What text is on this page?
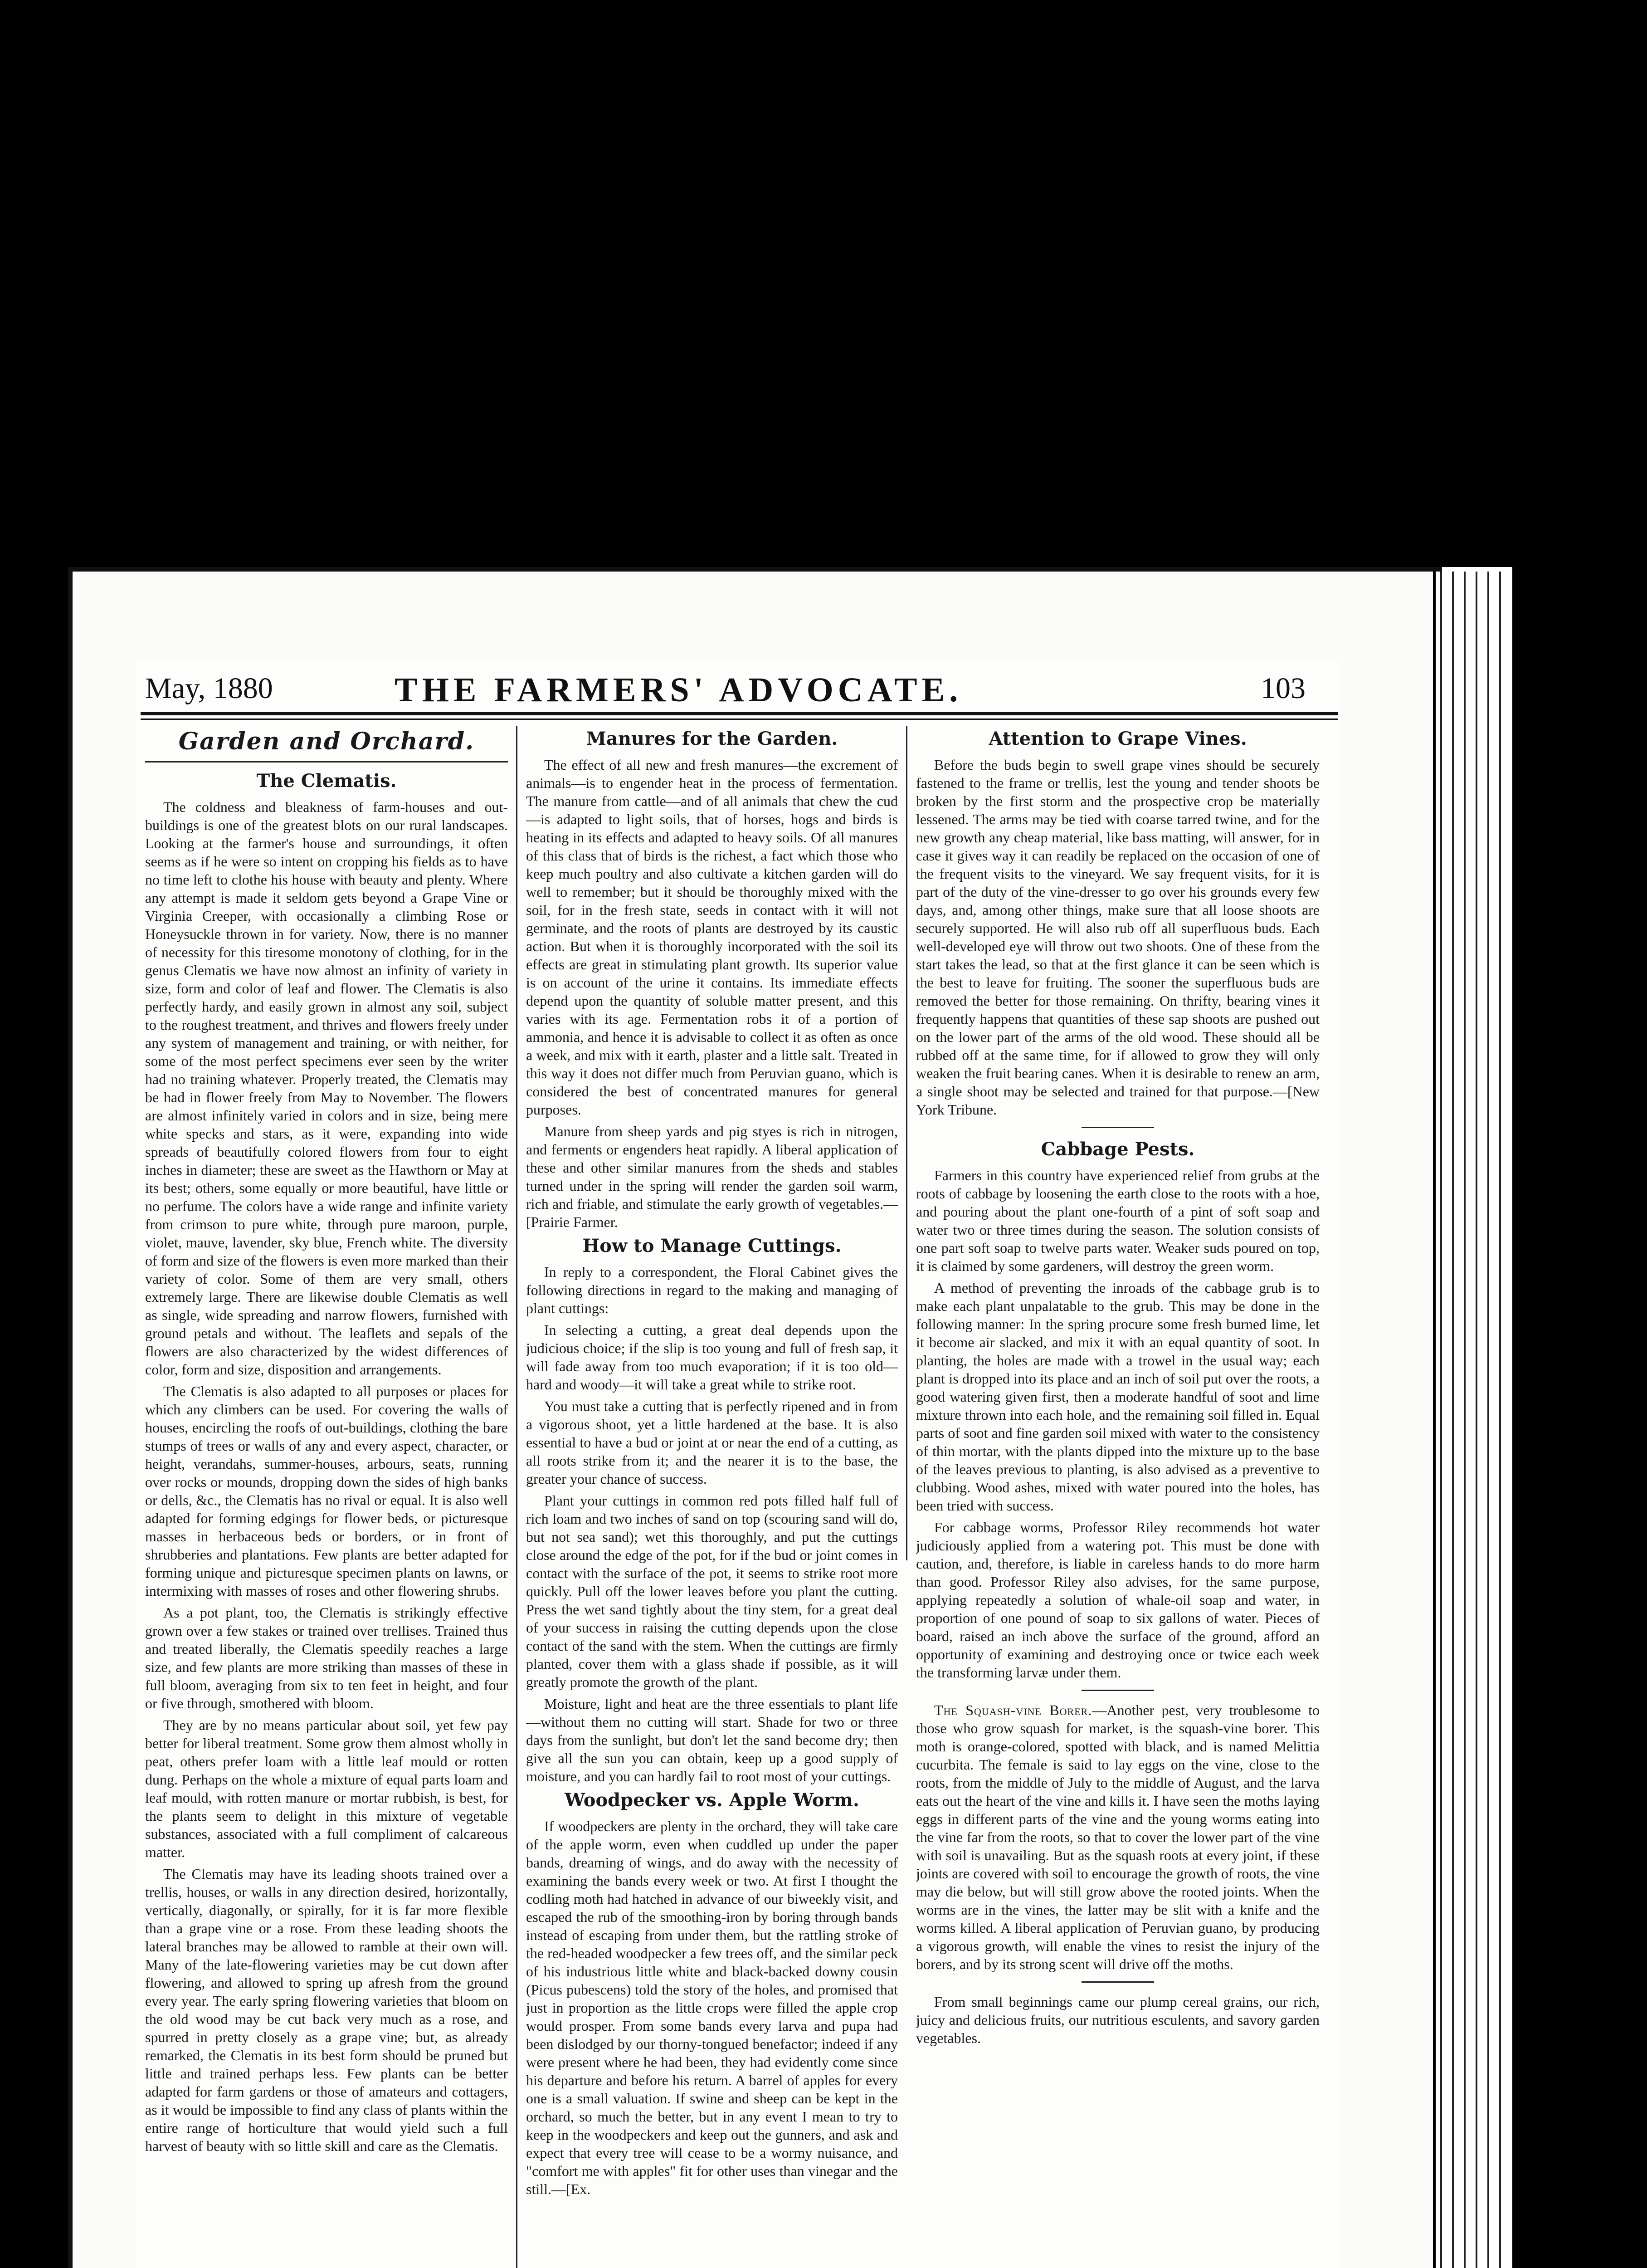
May, 1880	THE FARMERS' ADVOCATE.	103
Garden and Orchard.
The Clematis.

The coldness and bleakness of farm-houses and out-buildings is one of the greatest blots on our rural landscapes. Looking at the farmer's house and surroundings, it often seems as if he were so intent on cropping his fields as to have no time left to clothe his house with beauty and plenty. Where any attempt is made it seldom gets beyond a Grape Vine or Virginia Creeper, with occasionally a climbing Rose or Honeysuckle thrown in for variety. Now, there is no manner of necessity for this tiresome monotony of clothing, for in the genus Clematis we have now almost an infinity of variety in size, form and color of leaf and flower. The Clematis is also perfectly hardy, and easily grown in almost any soil, subject to the roughest treatment, and thrives and flowers freely under any system of management and training, or with neither, for some of the most perfect specimens ever seen by the writer had no training whatever. Properly treated, the Clematis may be had in flower freely from May to November. The flowers are almost infinitely varied in colors and in size, being mere white specks and stars, as it were, expanding into wide spreads of beautifully colored flowers from four to eight inches in diameter; these are sweet as the Hawthorn or May at its best; others, some equally or more beautiful, have little or no perfume. The colors have a wide range and infinite variety from crimson to pure white, through pure maroon, purple, violet, mauve, lavender, sky blue, French white. The diversity of form and size of the flowers is even more marked than their variety of color. Some of them are very small, others extremely large. There are likewise double Clematis as well as single, wide spreading and narrow flowers, furnished with ground petals and without. The leaflets and sepals of the flowers are also characterized by the widest differences of color, form and size, disposition and arrangements.

The Clematis is also adapted to all purposes or places for which any climbers can be used. For covering the walls of houses, encircling the roofs of out-buildings, clothing the bare stumps of trees or walls of any and every aspect, character, or height, verandahs, summer-houses, arbours, seats, running over rocks or mounds, dropping down the sides of high banks or dells, &c., the Clematis has no rival or equal. It is also well adapted for forming edgings for flower beds, or picturesque masses in herbaceous beds or borders, or in front of shrubberies and plantations. Few plants are better adapted for forming unique and picturesque specimen plants on lawns, or intermixing with masses of roses and other flowering shrubs.

As a pot plant, too, the Clematis is strikingly effective grown over a few stakes or trained over trellises. Trained thus and treated liberally, the Clematis speedily reaches a large size, and few plants are more striking than masses of these in full bloom, averaging from six to ten feet in height, and four or five through, smothered with bloom.

They are by no means particular about soil, yet few pay better for liberal treatment. Some grow them almost wholly in peat, others prefer loam with a little leaf mould or rotten dung. Perhaps on the whole a mixture of equal parts loam and leaf mould, with rotten manure or mortar rubbish, is best, for the plants seem to delight in this mixture of vegetable substances, associated with a full compliment of calcareous matter.

The Clematis may have its leading shoots trained over a trellis, houses, or walls in any direction desired, horizontally, vertically, diagonally, or spirally, for it is far more flexible than a grape vine or a rose. From these leading shoots the lateral branches may be allowed to ramble at their own will. Many of the late-flowering varieties may be cut down after flowering, and allowed to spring up afresh from the ground every year. The early spring flowering varieties that bloom on the old wood may be cut back very much as a rose, and spurred in pretty closely as a grape vine; but, as already remarked, the Clematis in its best form should be pruned but little and trained perhaps less. Few plants can be better adapted for farm gardens or those of amateurs and cottagers, as it would be impossible to find any class of plants within the entire range of horticulture that would yield such a full harvest of beauty with so little skill and care as the Clematis.

Manures for the Garden.

The effect of all new and fresh manures—the excrement of animals—is to engender heat in the process of fermentation. The manure from cattle—and of all animals that chew the cud—is adapted to light soils, that of horses, hogs and birds is heating in its effects and adapted to heavy soils. Of all manures of this class that of birds is the richest, a fact which those who keep much poultry and also cultivate a kitchen garden will do well to remember; but it should be thoroughly mixed with the soil, for in the fresh state, seeds in contact with it will not germinate, and the roots of plants are destroyed by its caustic action. But when it is thoroughly incorporated with the soil its effects are great in stimulating plant growth. Its superior value is on account of the urine it contains. Its immediate effects depend upon the quantity of soluble matter present, and this varies with its age. Fermentation robs it of a portion of ammonia, and hence it is advisable to collect it as often as once a week, and mix with it earth, plaster and a little salt. Treated in this way it does not differ much from Peruvian guano, which is considered the best of concentrated manures for general purposes.

Manure from sheep yards and pig styes is rich in nitrogen, and ferments or engenders heat rapidly. A liberal application of these and other similar manures from the sheds and stables turned under in the spring will render the garden soil warm, rich and friable, and stimulate the early growth of vegetables.—[Prairie Farmer.

How to Manage Cuttings.

In reply to a correspondent, the Floral Cabinet gives the following directions in regard to the making and managing of plant cuttings:

In selecting a cutting, a great deal depends upon the judicious choice; if the slip is too young and full of fresh sap, it will fade away from too much evaporation; if it is too old—hard and woody—it will take a great while to strike root.

You must take a cutting that is perfectly ripened and in from a vigorous shoot, yet a little hardened at the base. It is also essential to have a bud or joint at or near the end of a cutting, as all roots strike from it; and the nearer it is to the base, the greater your chance of success.

Plant your cuttings in common red pots filled half full of rich loam and two inches of sand on top (scouring sand will do, but not sea sand); wet this thoroughly, and put the cuttings close around the edge of the pot, for if the bud or joint comes in contact with the surface of the pot, it seems to strike root more quickly. Pull off the lower leaves before you plant the cutting. Press the wet sand tightly about the tiny stem, for a great deal of your success in raising the cutting depends upon the close contact of the sand with the stem. When the cuttings are firmly planted, cover them with a glass shade if possible, as it will greatly promote the growth of the plant.

Moisture, light and heat are the three essentials to plant life—without them no cutting will start. Shade for two or three days from the sunlight, but don't let the sand become dry; then give all the sun you can obtain, keep up a good supply of moisture, and you can hardly fail to root most of your cuttings.

Woodpecker vs. Apple Worm.

If woodpeckers are plenty in the orchard, they will take care of the apple worm, even when cuddled up under the paper bands, dreaming of wings, and do away with the necessity of examining the bands every week or two. At first I thought the codling moth had hatched in advance of our biweekly visit, and escaped the rub of the smoothing-iron by boring through bands instead of escaping from under them, but the rattling stroke of the red-headed woodpecker a few trees off, and the similar peck of his industrious little white and black-backed downy cousin (Picus pubescens) told the story of the holes, and promised that just in proportion as the little crops were filled the apple crop would prosper. From some bands every larva and pupa had been dislodged by our thorny-tongued benefactor; indeed if any were present where he had been, they had evidently come since his departure and before his return. A barrel of apples for every one is a small valuation. If swine and sheep can be kept in the orchard, so much the better, but in any event I mean to try to keep in the woodpeckers and keep out the gunners, and ask and expect that every tree will cease to be a wormy nuisance, and "comfort me with apples" fit for other uses than vinegar and the still.—[Ex.

Attention to Grape Vines.

Before the buds begin to swell grape vines should be securely fastened to the frame or trellis, lest the young and tender shoots be broken by the first storm and the prospective crop be materially lessened. The arms may be tied with coarse tarred twine, and for the new growth any cheap material, like bass matting, will answer, for in case it gives way it can readily be replaced on the occasion of one of the frequent visits to the vineyard. We say frequent visits, for it is part of the duty of the vine-dresser to go over his grounds every few days, and, among other things, make sure that all loose shoots are securely supported. He will also rub off all superfluous buds. Each well-developed eye will throw out two shoots. One of these from the start takes the lead, so that at the first glance it can be seen which is the best to leave for fruiting. The sooner the superfluous buds are removed the better for those remaining. On thrifty, bearing vines it frequently happens that quantities of these sap shoots are pushed out on the lower part of the arms of the old wood. These should all be rubbed off at the same time, for if allowed to grow they will only weaken the fruit bearing canes. When it is desirable to renew an arm, a single shoot may be selected and trained for that purpose.—[New York Tribune.

Cabbage Pests.

Farmers in this country have experienced relief from grubs at the roots of cabbage by loosening the earth close to the roots with a hoe, and pouring about the plant one-fourth of a pint of soft soap and water two or three times during the season. The solution consists of one part soft soap to twelve parts water. Weaker suds poured on top, it is claimed by some gardeners, will destroy the green worm.

A method of preventing the inroads of the cabbage grub is to make each plant unpalatable to the grub. This may be done in the following manner: In the spring procure some fresh burned lime, let it become air slacked, and mix it with an equal quantity of soot. In planting, the holes are made with a trowel in the usual way; each plant is dropped into its place and an inch of soil put over the roots, a good watering given first, then a moderate handful of soot and lime mixture thrown into each hole, and the remaining soil filled in. Equal parts of soot and fine garden soil mixed with water to the consistency of thin mortar, with the plants dipped into the mixture up to the base of the leaves previous to planting, is also advised as a preventive to clubbing. Wood ashes, mixed with water poured into the holes, has been tried with success.

For cabbage worms, Professor Riley recommends hot water judiciously applied from a watering pot. This must be done with caution, and, therefore, is liable in careless hands to do more harm than good. Professor Riley also advises, for the same purpose, applying repeatedly a solution of whale-oil soap and water, in proportion of one pound of soap to six gallons of water. Pieces of board, raised an inch above the surface of the ground, afford an opportunity of examining and destroying once or twice each week the transforming larvæ under them.

The Squash-vine Borer.—Another pest, very troublesome to those who grow squash for market, is the squash-vine borer. This moth is orange-colored, spotted with black, and is named Melittia cucurbita. The female is said to lay eggs on the vine, close to the roots, from the middle of July to the middle of August, and the larva eats out the heart of the vine and kills it. I have seen the moths laying eggs in different parts of the vine and the young worms eating into the vine far from the roots, so that to cover the lower part of the vine with soil is unavailing. But as the squash roots at every joint, if these joints are covered with soil to encourage the growth of roots, the vine may die below, but will still grow above the rooted joints. When the worms are in the vines, the latter may be slit with a knife and the worms killed. A liberal application of Peruvian guano, by producing a vigorous growth, will enable the vines to resist the injury of the borers, and by its strong scent will drive off the moths.

From small beginnings came our plump cereal grains, our rich, juicy and delicious fruits, our nutritious esculents, and savory garden vegetables.
